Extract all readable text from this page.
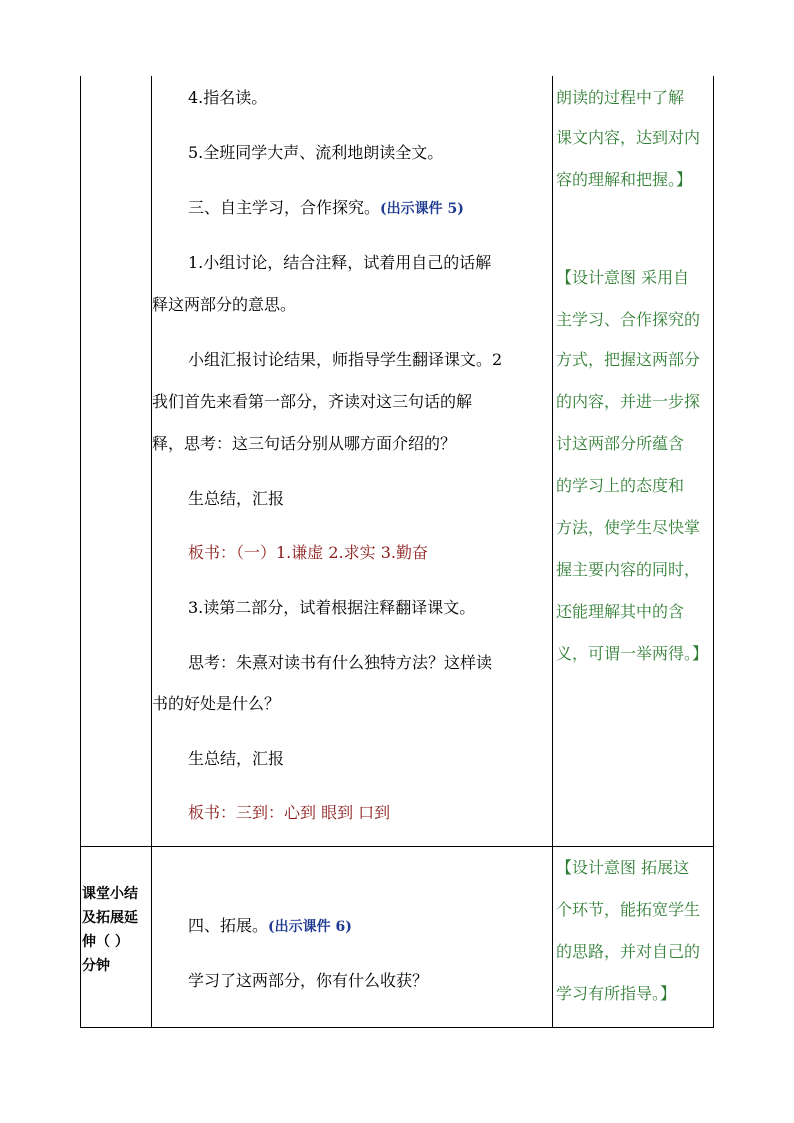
4.指名读。
5.全班同学大声、流利地朗读全文。
三、自主学习，合作探究。(出示课件 5)
1.小组讨论，结合注释，试着用自己的话解
释这两部分的意思。
小组汇报讨论结果，师指导学生翻译课文。2
我们首先来看第一部分，齐读对这三句话的解
释，思考：这三句话分别从哪方面介绍的？
生总结，汇报
板书：（一）1.谦虚 2.求实 3.勤奋
3.读第二部分，试着根据注释翻译课文。
思考：朱熹对读书有什么独特方法？这样读
书的好处是什么？
生总结，汇报
板书：三到：心到 眼到 口到
朗读的过程中了解
课文内容，达到对内
容的理解和把握。】
【设计意图 采用自
主学习、合作探究的
方式，把握这两部分
的内容，并进一步探
讨这两部分所蕴含
的学习上的态度和
方法，使学生尽快掌
握主要内容的同时，
还能理解其中的含
义，可谓一举两得。】
课堂小结
及拓展延
伸（ ）
分钟
四、拓展。(出示课件 6)
学习了这两部分，你有什么收获？
【设计意图 拓展这
个环节，能拓宽学生
的思路，并对自己的
学习有所指导。】
